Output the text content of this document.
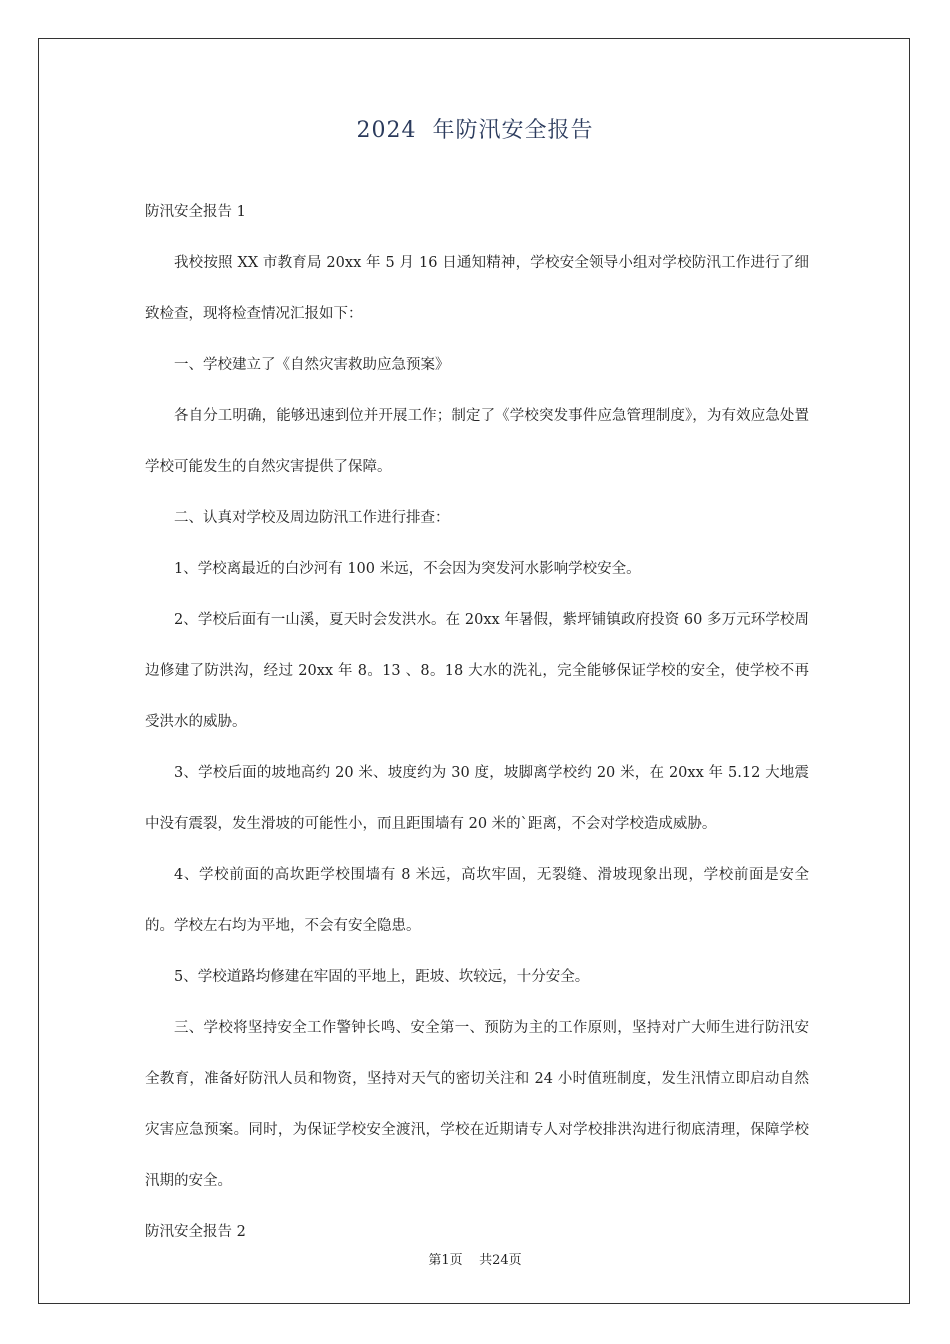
2024  年防汛安全报告

防汛安全报告 1

我校按照 XX 市教育局 20xx 年 5 月 16 日通知精神，学校安全领导小组对学校防汛工作进行了细致检查，现将检查情况汇报如下：

一、学校建立了《自然灾害救助应急预案》

各自分工明确，能够迅速到位并开展工作；制定了《学校突发事件应急管理制度》，为有效应急处置学校可能发生的自然灾害提供了保障。

二、认真对学校及周边防汛工作进行排查：

1、学校离最近的白沙河有 100 米远，不会因为突发河水影响学校安全。

2、学校后面有一山溪，夏天时会发洪水。在 20xx 年暑假，紫坪铺镇政府投资 60 多万元环学校周边修建了防洪沟，经过 20xx 年 8。13 、8。18 大水的洗礼，完全能够保证学校的安全，使学校不再受洪水的威胁。

3、学校后面的坡地高约 20 米、坡度约为 30 度，坡脚离学校约 20 米，在 20xx 年 5.12 大地震中没有震裂，发生滑坡的可能性小，而且距围墙有 20 米的`距离，不会对学校造成威胁。

4、学校前面的高坎距学校围墙有 8 米远，高坎牢固，无裂缝、滑坡现象出现，学校前面是安全的。学校左右均为平地，不会有安全隐患。

5、学校道路均修建在牢固的平地上，距坡、坎较远，十分安全。

三、学校将坚持安全工作警钟长鸣、安全第一、预防为主的工作原则，坚持对广大师生进行防汛安全教育，准备好防汛人员和物资，坚持对天气的密切关注和 24 小时值班制度，发生汛情立即启动自然灾害应急预案。同时，为保证学校安全渡汛，学校在近期请专人对学校排洪沟进行彻底清理，保障学校汛期的安全。

防汛安全报告 2

第1页    共24页
